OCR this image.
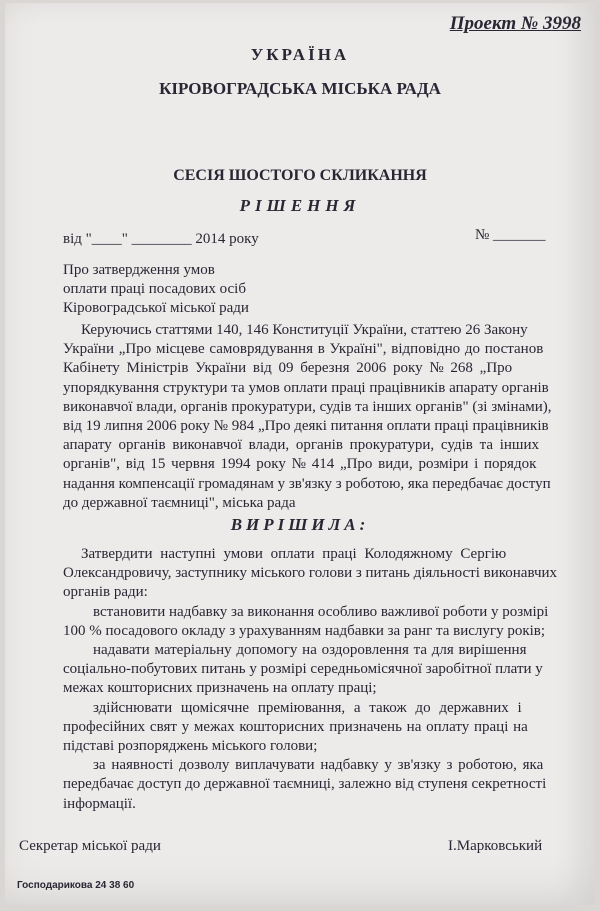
Проект № 3998
УКРАЇНА
КІРОВОГРАДСЬКА МІСЬКА РАДА
СЕСІЯ ШОСТОГО СКЛИКАННЯ
РІШЕННЯ
від "____" ________ 2014 року	№ _______
Про затвердження умов
оплати праці посадових осіб
Кіровоградської міської ради
Керуючись статтями 140, 146 Конституції України, статтею 26 Закону
України „Про місцеве самоврядування в Україні", відповідно до постанов
Кабінету Міністрів України від 09 березня 2006 року № 268 „Про
упорядкування структури та умов оплати праці працівників апарату органів
виконавчої влади, органів прокуратури, судів та інших органів" (зі змінами),
від 19 липня 2006 року № 984 „Про деякі питання оплати праці працівників
апарату органів виконавчої влади, органів прокуратури, судів та інших
органів", від 15 червня 1994 року № 414 „Про види, розміри і порядок
надання компенсації громадянам у зв'язку з роботою, яка передбачає доступ
до державної таємниці", міська рада
ВИРІШИЛА:
Затвердити наступні умови оплати праці Колодяжному Сергію
Олександровичу, заступнику міського голови з питань діяльності виконавчих
органів ради:
встановити надбавку за виконання особливо важливої роботи у розмірі
100 % посадового окладу з урахуванням надбавки за ранг та вислугу років;
надавати матеріальну допомогу на оздоровлення та для вирішення
соціально-побутових питань у розмірі середньомісячної заробітної плати у
межах кошторисних призначень на оплату праці;
здійснювати щомісячне преміювання, а також до державних і
професійних свят у межах кошторисних призначень на оплату праці на
підставі розпоряджень міського голови;
за наявності дозволу виплачувати надбавку у зв'язку з роботою, яка
передбачає доступ до державної таємниці, залежно від ступеня секретності
інформації.
Секретар міської ради	І.Марковський
Господарикова 24 38 60
